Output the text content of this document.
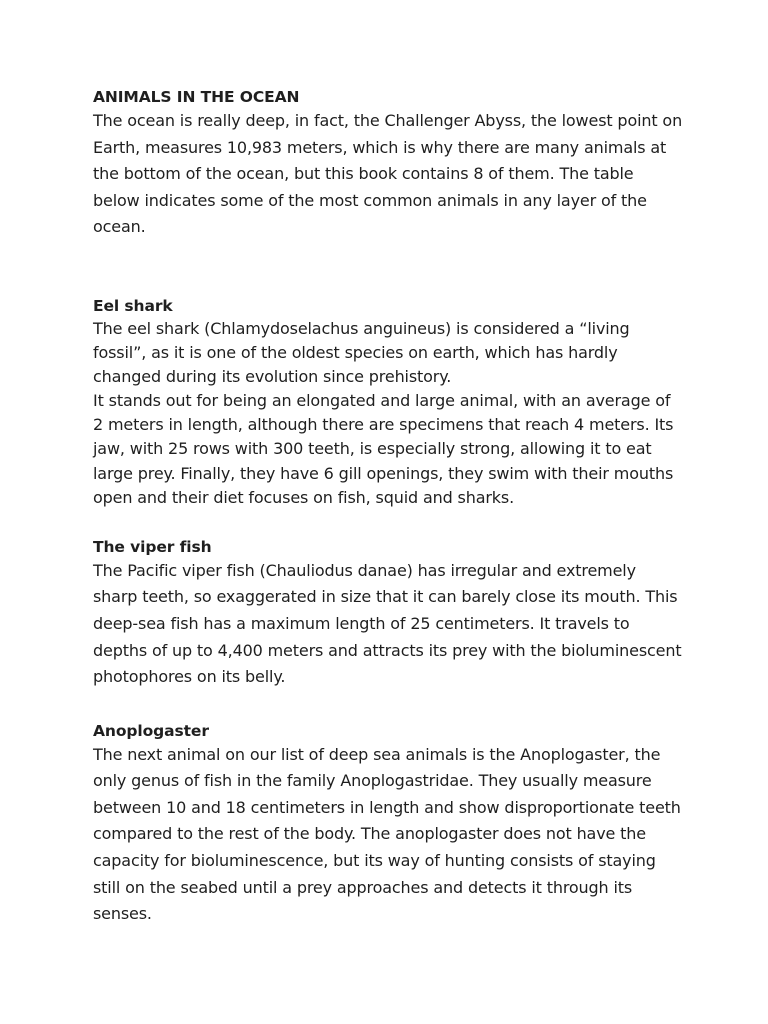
ANIMALS IN THE OCEAN

The ocean is really deep, in fact, the Challenger Abyss, the lowest point on Earth, measures 10,983 meters, which is why there are many animals at the bottom of the ocean, but this book contains 8 of them. The table below indicates some of the most common animals in any layer of the ocean.

Eel shark

The eel shark (Chlamydoselachus anguineus) is considered a “living fossil”, as it is one of the oldest species on earth, which has hardly changed during its evolution since prehistory.

It stands out for being an elongated and large animal, with an average of 2 meters in length, although there are specimens that reach 4 meters. Its jaw, with 25 rows with 300 teeth, is especially strong, allowing it to eat large prey. Finally, they have 6 gill openings, they swim with their mouths open and their diet focuses on fish, squid and sharks.

The viper fish

The Pacific viper fish (Chauliodus danae) has irregular and extremely sharp teeth, so exaggerated in size that it can barely close its mouth. This deep-sea fish has a maximum length of 25 centimeters. It travels to depths of up to 4,400 meters and attracts its prey with the bioluminescent photophores on its belly.

Anoplogaster

The next animal on our list of deep sea animals is the Anoplogaster, the only genus of fish in the family Anoplogastridae. They usually measure between 10 and 18 centimeters in length and show disproportionate teeth compared to the rest of the body. The anoplogaster does not have the capacity for bioluminescence, but its way of hunting consists of staying still on the seabed until a prey approaches and detects it through its senses.
